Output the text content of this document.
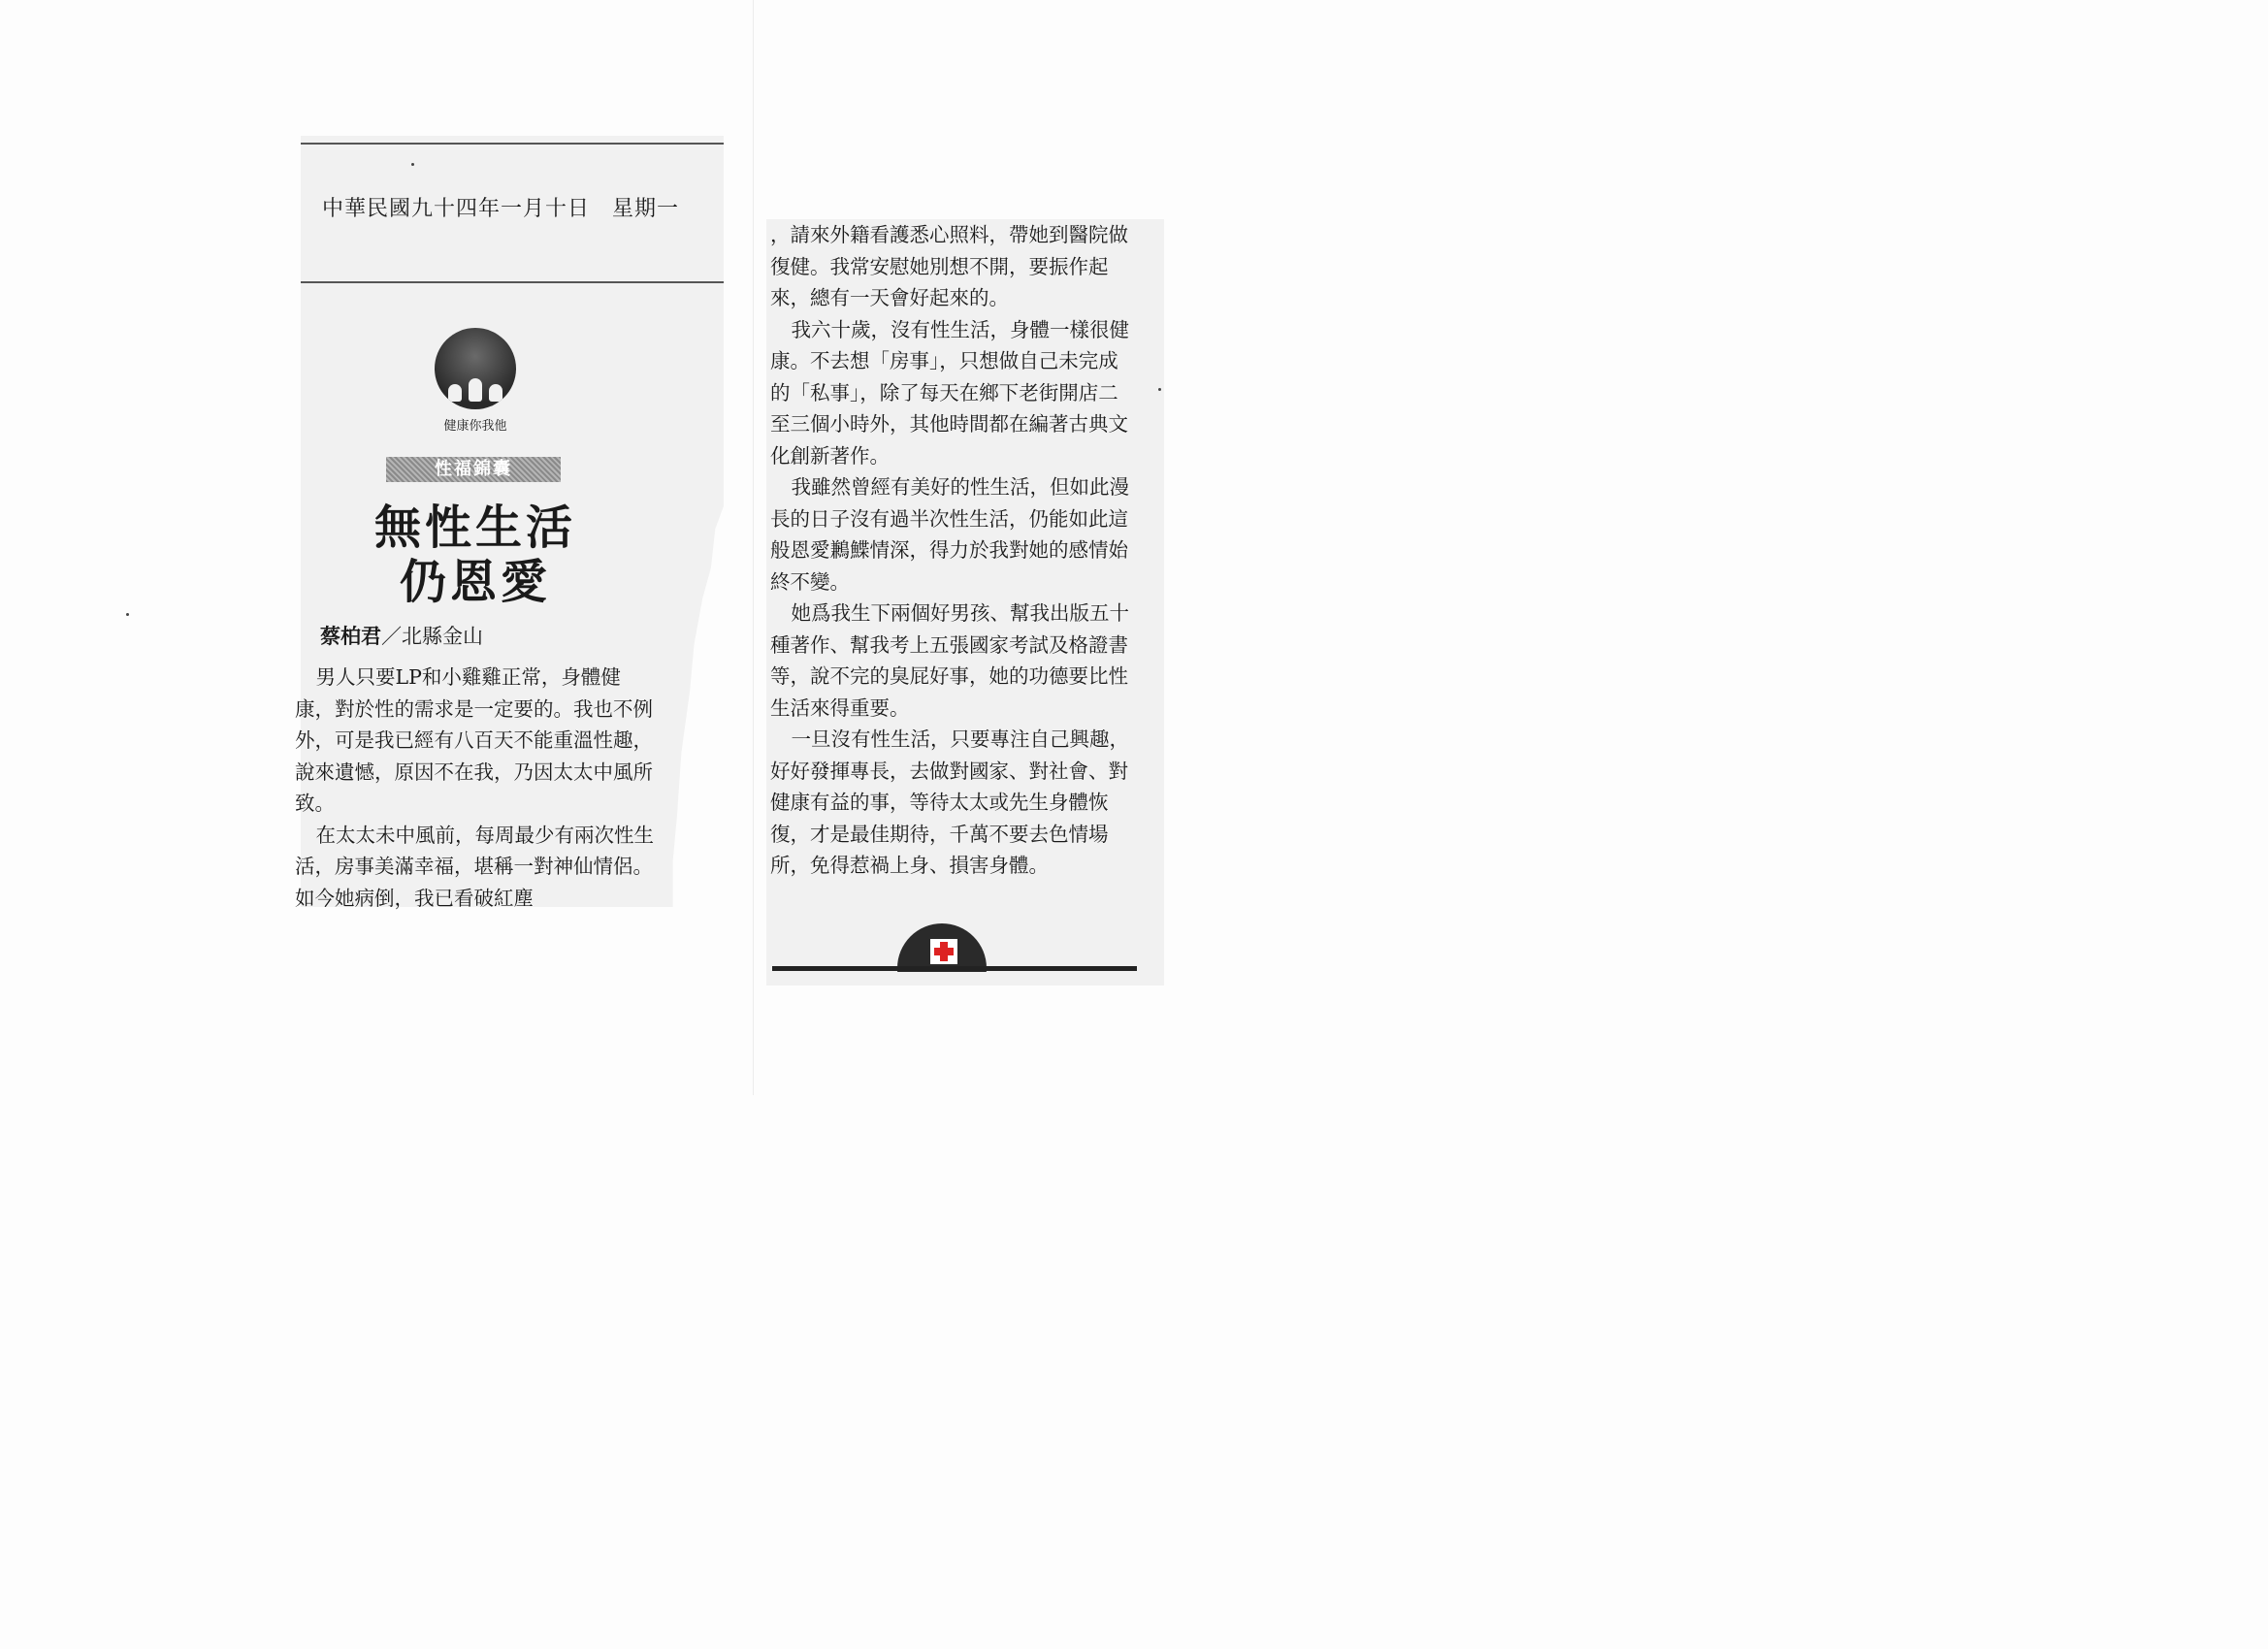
中華民國九十四年一月十日　星期一
健康你我他
性福錦囊
無性生活
仍恩愛
蔡柏君／北縣金山

男人只要LP和小雞雞正常，身體健康，對於性的需求是一定要的。我也不例外，可是我已經有八百天不能重溫性趣，說來遺憾，原因不在我，乃因太太中風所致。

在太太未中風前，每周最少有兩次性生活，房事美滿幸福，堪稱一對神仙情侶。如今她病倒，我已看破紅塵

，請來外籍看護悉心照料，帶她到醫院做復健。我常安慰她別想不開，要振作起來，總有一天會好起來的。

我六十歲，沒有性生活，身體一樣很健康。不去想「房事」，只想做自己未完成的「私事」，除了每天在鄉下老街開店二至三個小時外，其他時間都在編著古典文化創新著作。

我雖然曾經有美好的性生活，但如此漫長的日子沒有過半次性生活，仍能如此這般恩愛鶼鰈情深，得力於我對她的感情始終不變。

她爲我生下兩個好男孩、幫我出版五十種著作、幫我考上五張國家考試及格證書等，說不完的臭屁好事，她的功德要比性生活來得重要。

一旦沒有性生活，只要專注自己興趣，好好發揮專長，去做對國家、對社會、對健康有益的事，等待太太或先生身體恢復，才是最佳期待，千萬不要去色情場所，免得惹禍上身、損害身體。
